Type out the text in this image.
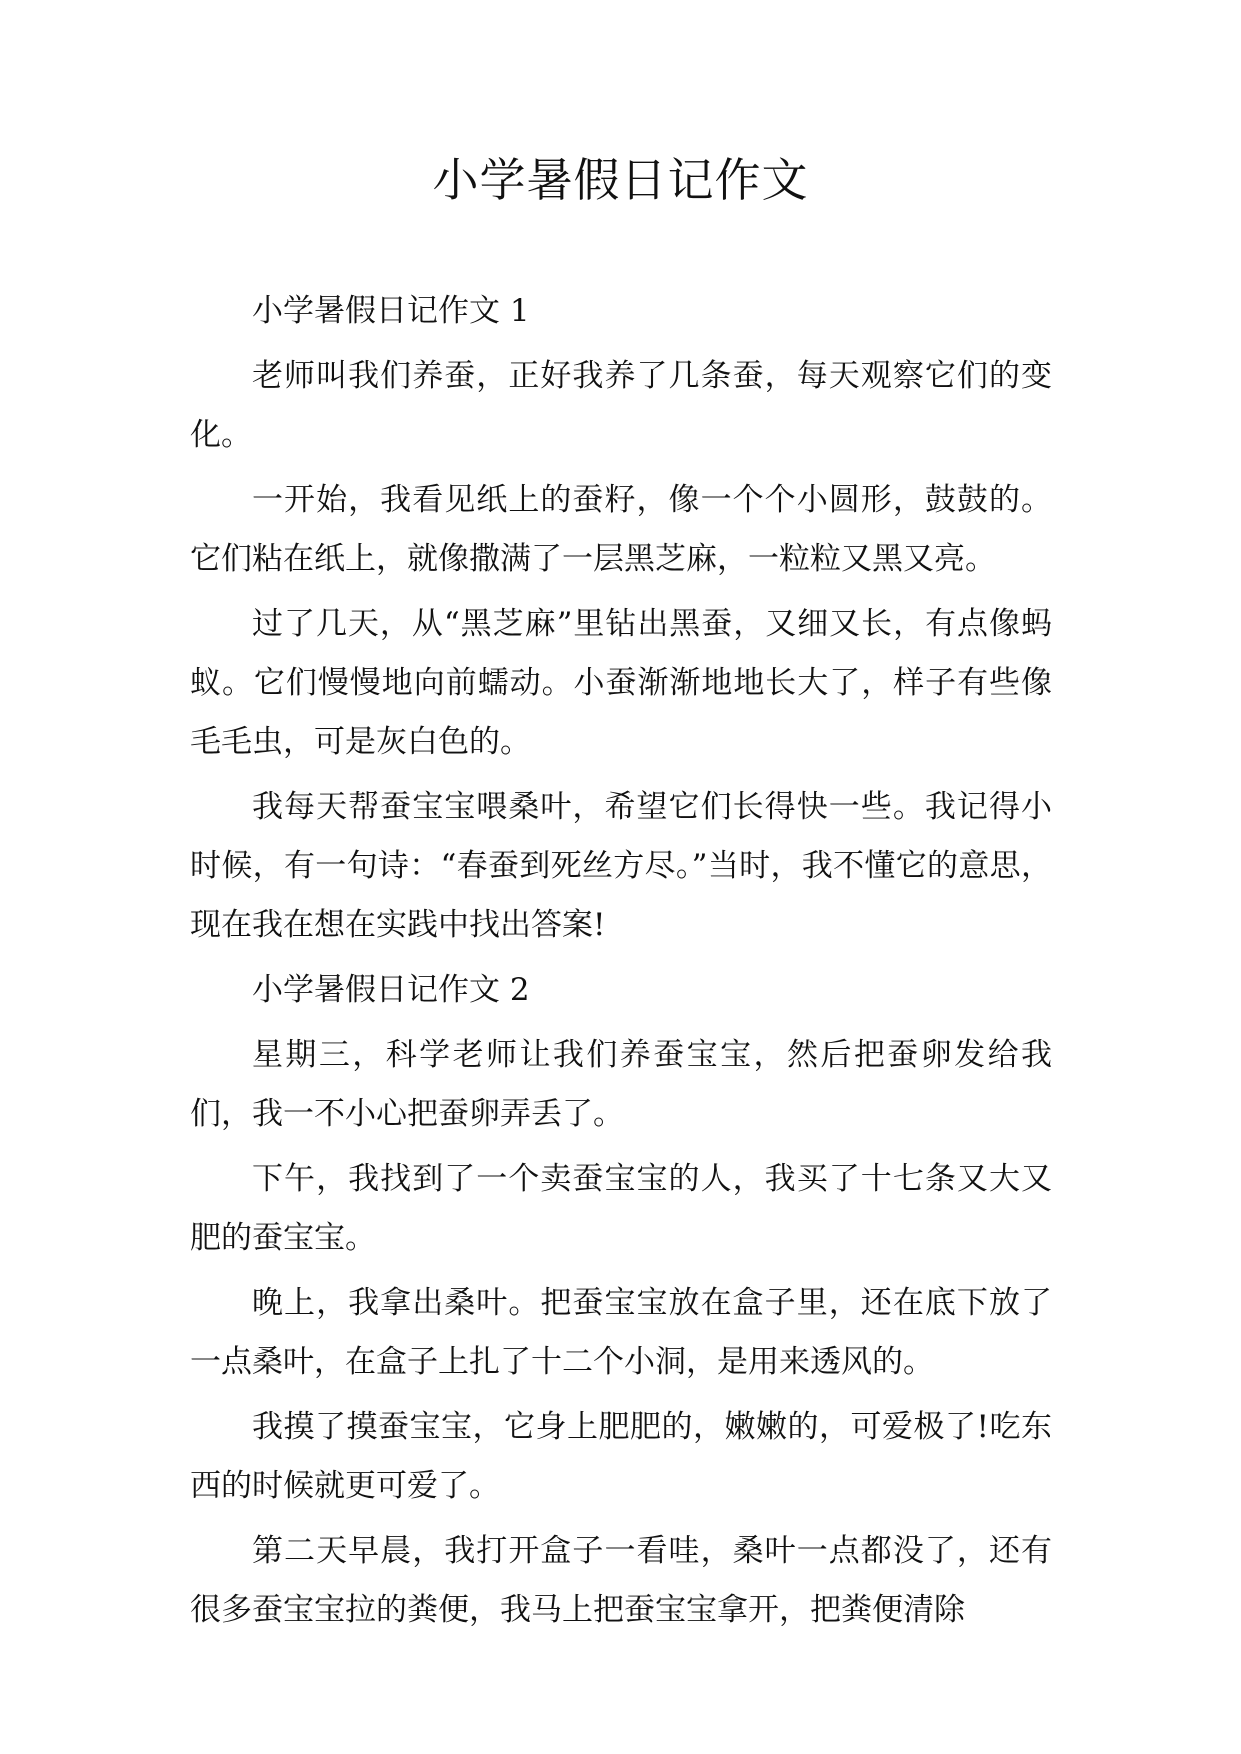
小学暑假日记作文

小学暑假日记作文 1

老师叫我们养蚕，正好我养了几条蚕，每天观察它们的变化。

一开始，我看见纸上的蚕籽，像一个个小圆形，鼓鼓的。它们粘在纸上，就像撒满了一层黑芝麻，一粒粒又黑又亮。

过了几天，从“黑芝麻”里钻出黑蚕，又细又长，有点像蚂蚁。它们慢慢地向前蠕动。小蚕渐渐地地长大了，样子有些像毛毛虫，可是灰白色的。

我每天帮蚕宝宝喂桑叶，希望它们长得快一些。我记得小时候，有一句诗：“春蚕到死丝方尽。”当时，我不懂它的意思，现在我在想在实践中找出答案!

小学暑假日记作文 2

星期三，科学老师让我们养蚕宝宝，然后把蚕卵发给我们，我一不小心把蚕卵弄丢了。

下午，我找到了一个卖蚕宝宝的人，我买了十七条又大又肥的蚕宝宝。

晚上，我拿出桑叶。把蚕宝宝放在盒子里，还在底下放了一点桑叶，在盒子上扎了十二个小洞，是用来透风的。

我摸了摸蚕宝宝，它身上肥肥的，嫩嫩的，可爱极了!吃东西的时候就更可爱了。

第二天早晨，我打开盒子一看哇，桑叶一点都没了，还有很多蚕宝宝拉的粪便，我马上把蚕宝宝拿开，把粪便清除
